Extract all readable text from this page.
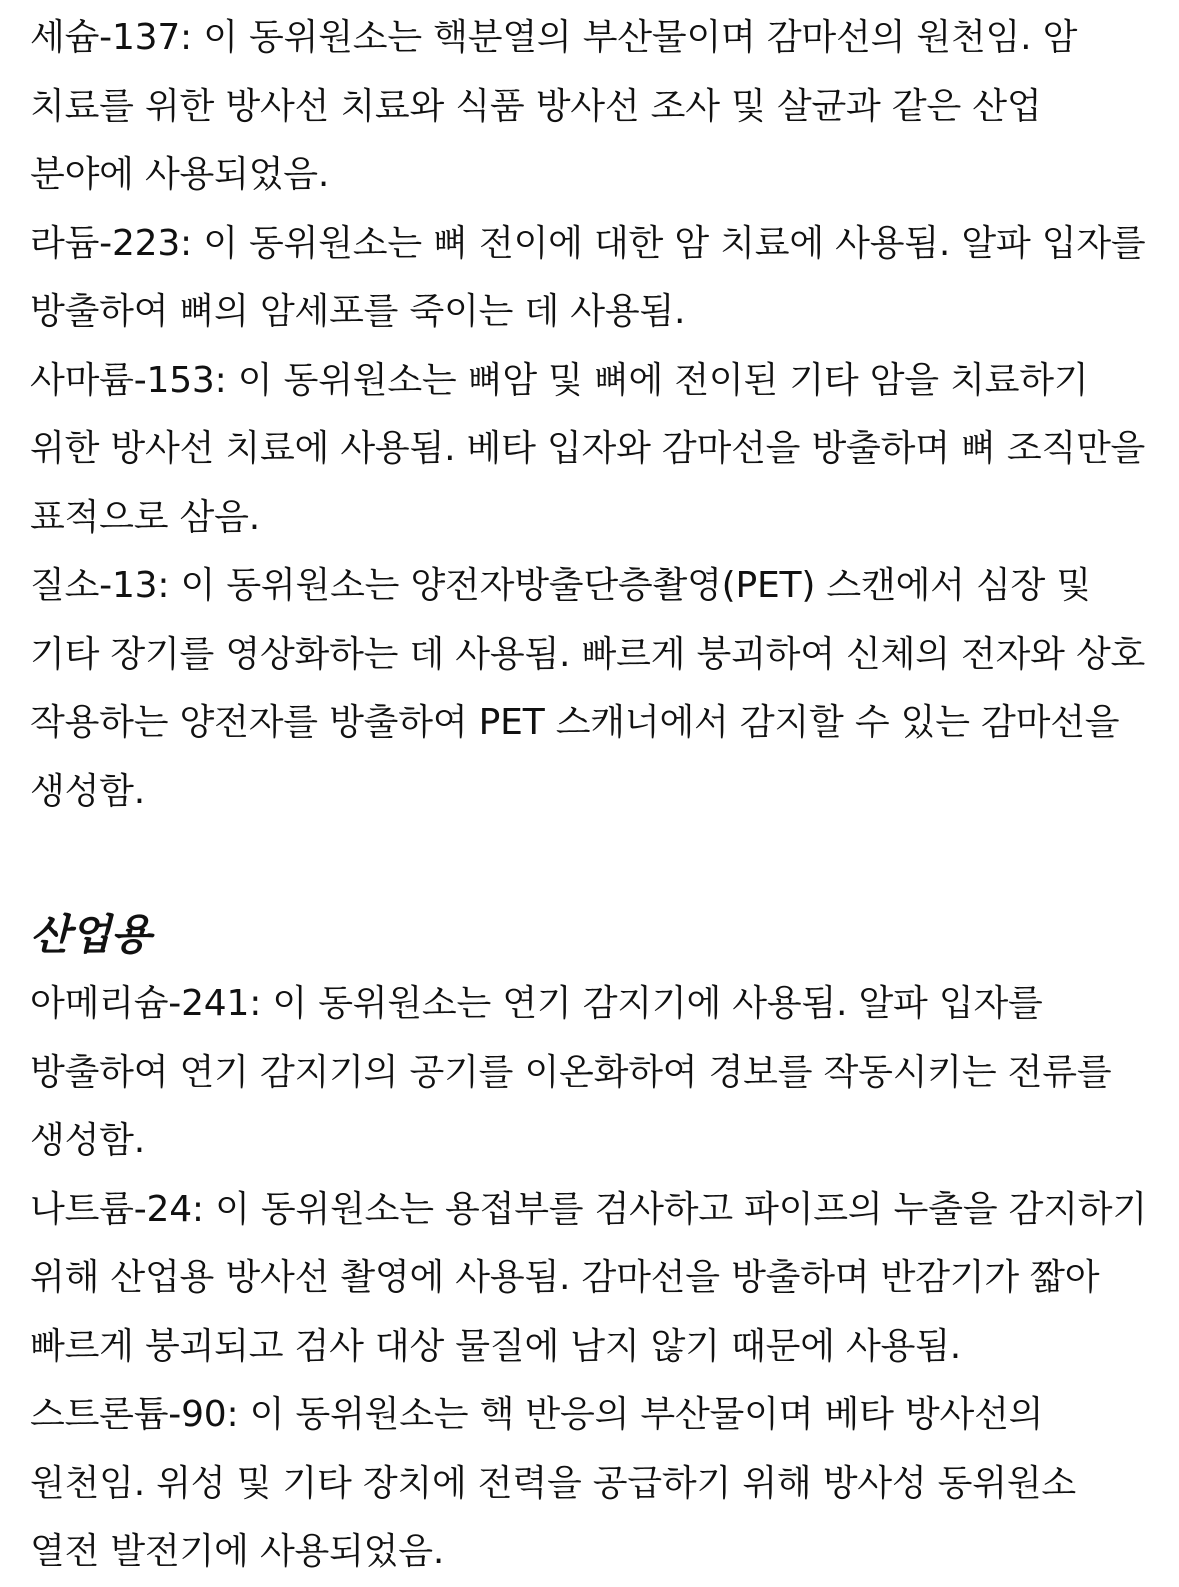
세슘-137: 이 동위원소는 핵분열의 부산물이며 감마선의 원천임. 암 치료를 위한 방사선 치료와 식품 방사선 조사 및 살균과 같은 산업 분야에 사용되었음.

라듐-223: 이 동위원소는 뼈 전이에 대한 암 치료에 사용됨. 알파 입자를 방출하여 뼈의 암세포를 죽이는 데 사용됨.

사마륨-153: 이 동위원소는 뼈암 및 뼈에 전이된 기타 암을 치료하기 위한 방사선 치료에 사용됨. 베타 입자와 감마선을 방출하며 뼈 조직만을 표적으로 삼음.

질소-13: 이 동위원소는 양전자방출단층촬영(PET) 스캔에서 심장 및 기타 장기를 영상화하는 데 사용됨. 빠르게 붕괴하여 신체의 전자와 상호 작용하는 양전자를 방출하여 PET 스캐너에서 감지할 수 있는 감마선을 생성함.

산업용

아메리슘-241: 이 동위원소는 연기 감지기에 사용됨. 알파 입자를 방출하여 연기 감지기의 공기를 이온화하여 경보를 작동시키는 전류를 생성함.

나트륨-24: 이 동위원소는 용접부를 검사하고 파이프의 누출을 감지하기 위해 산업용 방사선 촬영에 사용됨. 감마선을 방출하며 반감기가 짧아 빠르게 붕괴되고 검사 대상 물질에 남지 않기 때문에 사용됨.

스트론튬-90: 이 동위원소는 핵 반응의 부산물이며 베타 방사선의 원천임. 위성 및 기타 장치에 전력을 공급하기 위해 방사성 동위원소 열전 발전기에 사용되었음.
